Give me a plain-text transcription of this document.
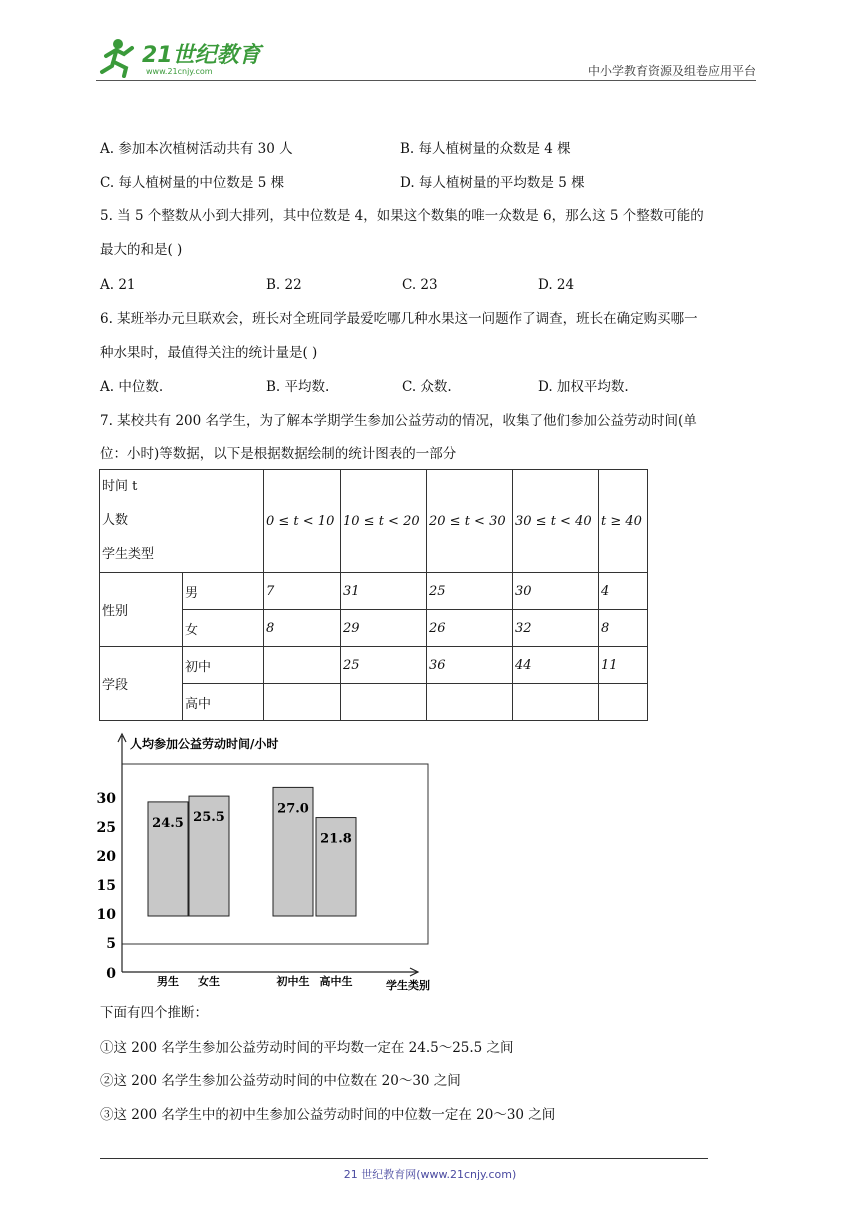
21世纪教育
www.21cnjy.com	中小学教育资源及组卷应用平台
A. 参加本次植树活动共有 30 人	B. 每人植树量的众数是 4 棵
C. 每人植树量的中位数是 5 棵	D. 每人植树量的平均数是 5 棵
5. 当 5 个整数从小到大排列，其中位数是 4，如果这个数集的唯一众数是 6，那么这 5 个整数可能的
最大的和是( )
A. 21	B. 22	C. 23	D. 24
6. 某班举办元旦联欢会，班长对全班同学最爱吃哪几种水果这一问题作了调查，班长在确定购买哪一
种水果时，最值得关注的统计量是( )
A. 中位数.	B. 平均数.	C. 众数.	D. 加权平均数.
7. 某校共有 200 名学生，为了解本学期学生参加公益劳动的情况，收集了他们参加公益劳动时间(单
位：小时)等数据，以下是根据数据绘制的统计图表的一部分
时间 t
人数
学生类型		0 ≤ t < 10	10 ≤ t < 20	20 ≤ t < 30	30 ≤ t < 40	t ≥ 40
性别	男	7	31	25	30	4
	女	8	29	26	32	8
学段	初中		25	36	44	11
	高中					
人均参加公益劳动时间/小时
0
5
10
15
20
25
30
24.5
男生
25.5
女生
27.0
初中生
21.8
高中生	学生类别
下面有四个推断：
①这 200 名学生参加公益劳动时间的平均数一定在 24.5～25.5 之间
②这 200 名学生参加公益劳动时间的中位数在 20～30 之间
③这 200 名学生中的初中生参加公益劳动时间的中位数一定在 20～30 之间
21 世纪教育网(www.21cnjy.com)
